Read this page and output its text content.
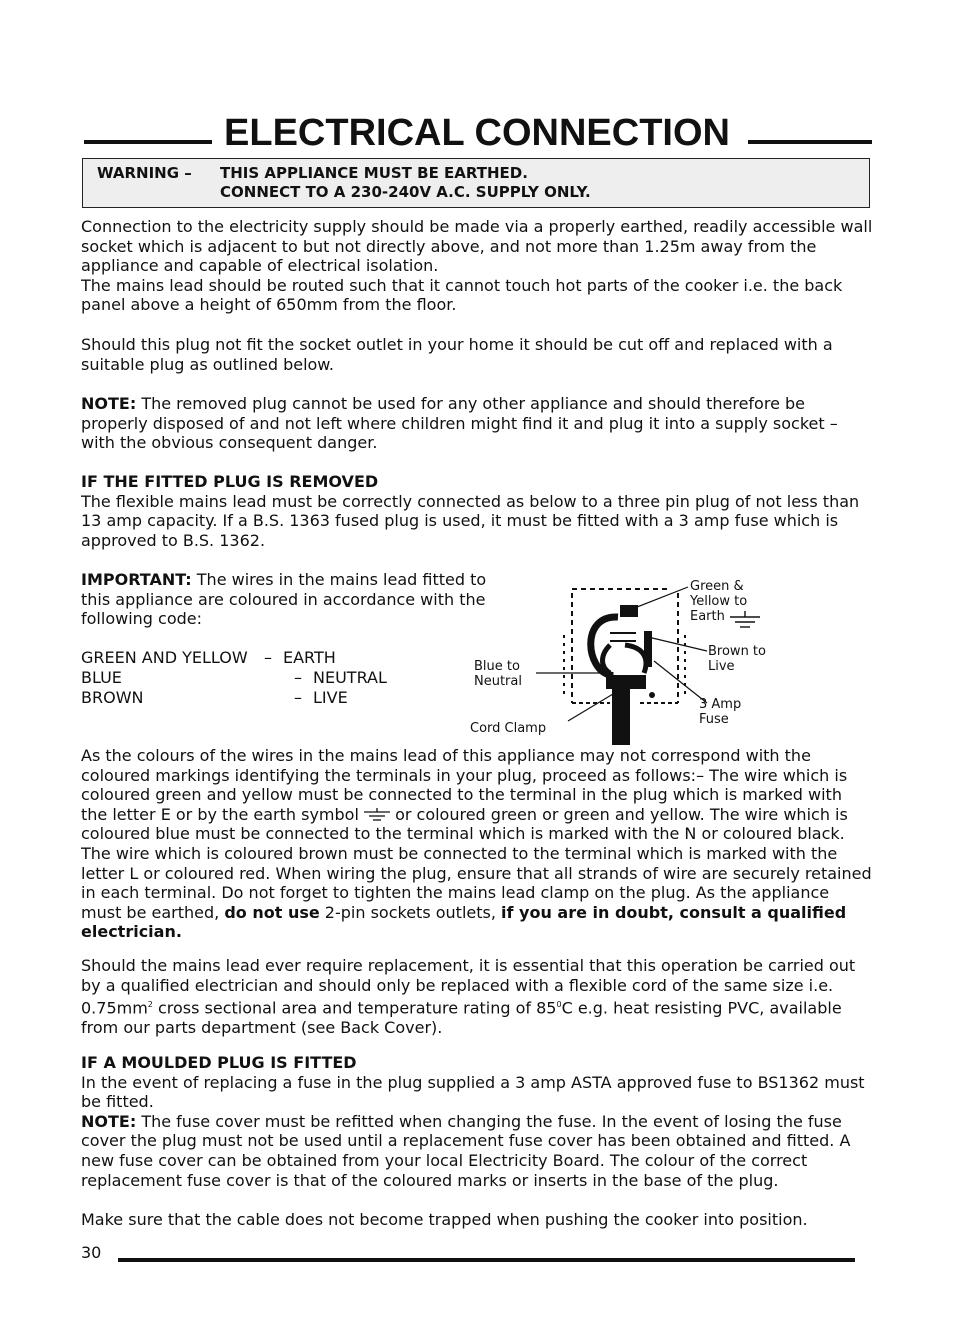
ELECTRICAL CONNECTION
WARNING – THIS APPLIANCE MUST BE EARTHED.
CONNECT TO A 230-240V A.C. SUPPLY ONLY.

Connection to the electricity supply should be made via a properly earthed, readily accessible wall socket which is adjacent to but not directly above, and not more than 1.25m away from the appliance and capable of electrical isolation.

The mains lead should be routed such that it cannot touch hot parts of the cooker i.e. the back panel above a height of 650mm from the floor.

Should this plug not fit the socket outlet in your home it should be cut off and replaced with a suitable plug as outlined below.
NOTE: The removed plug cannot be used for any other appliance and should therefore be properly disposed of and not left where children might find it and plug it into a supply socket – with the obvious consequent danger.

IF THE FITTED PLUG IS REMOVED

The flexible mains lead must be correctly connected as below to a three pin plug of not less than 13 amp capacity. If a B.S. 1363 fused plug is used, it must be fitted with a 3 amp fuse which is approved to B.S. 1362.

IMPORTANT: The wires in the mains lead fitted to this appliance are coloured in accordance with the following code:
GREEN AND YELLOW – EARTH
BLUE	– NEUTRAL
BROWN	– LIVE
Green &
Yellow to
Earth
Brown to
Live
Blue to
Neutral
3 Amp
Fuse
Cord Clamp
As the colours of the wires in the mains lead of this appliance may not correspond with the coloured markings identifying the terminals in your plug, proceed as follows:– The wire which is coloured green and yellow must be connected to the terminal in the plug which is marked with the letter E or by the earth symbol  or coloured green or green and yellow. The wire which is coloured blue must be connected to the terminal which is marked with the N or coloured black. The wire which is coloured brown must be connected to the terminal which is marked with the letter L or coloured red. When wiring the plug, ensure that all strands of wire are securely retained in each terminal. Do not forget to tighten the mains lead clamp on the plug. As the appliance must be earthed, do not use 2-pin sockets outlets, if you are in doubt, consult a qualified electrician.
Should the mains lead ever require replacement, it is essential that this operation be carried out by a qualified electrician and should only be replaced with a flexible cord of the same size i.e. $0.75mm^2$ cross sectional area and temperature rating of $85^0C$ e.g. heat resisting PVC, available from our parts department (see Back Cover).

IF A MOULDED PLUG IS FITTED

In the event of replacing a fuse in the plug supplied a 3 amp ASTA approved fuse to BS1362 must be fitted.

NOTE: The fuse cover must be refitted when changing the fuse. In the event of losing the fuse cover the plug must not be used until a replacement fuse cover has been obtained and fitted. A new fuse cover can be obtained from your local Electricity Board. The colour of the correct replacement fuse cover is that of the coloured marks or inserts in the base of the plug.

Make sure that the cable does not become trapped when pushing the cooker into position.
30
